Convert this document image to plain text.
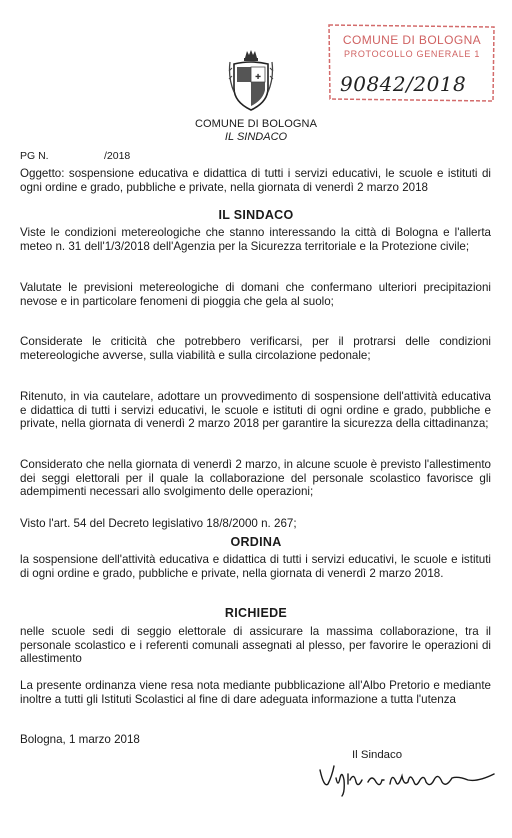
✚
COMUNE DI BOLOGNA
IL SINDACO
COMUNE DI BOLOGNA
PROTOCOLLO GENERALE 1
90842/2018
PG N.	/2018
Oggetto: sospensione educativa e didattica di tutti i servizi educativi, le scuole e istituti di ogni ordine e grado, pubbliche e private, nella giornata di venerdì 2 marzo 2018
IL SINDACO
Viste le condizioni metereologiche che stanno interessando la città di Bologna e l'allerta meteo n. 31 dell'1/3/2018 dell'Agenzia per la Sicurezza territoriale e la Protezione civile;
Valutate le previsioni metereologiche di domani che confermano ulteriori precipitazioni nevose e in particolare fenomeni di pioggia che gela al suolo;
Considerate le criticità che potrebbero verificarsi, per il protrarsi delle condizioni metereologiche avverse, sulla viabilità e sulla circolazione pedonale;
Ritenuto, in via cautelare, adottare un provvedimento di sospensione dell'attività educativa e didattica di tutti i servizi educativi, le scuole e istituti di ogni ordine e grado, pubbliche e private, nella giornata di venerdì 2 marzo 2018 per garantire la sicurezza della cittadinanza;
Considerato che nella giornata di venerdì 2 marzo, in alcune scuole è previsto l'allestimento dei seggi elettorali per il quale la collaborazione del personale scolastico favorisce gli adempimenti necessari allo svolgimento delle operazioni;
Visto l'art. 54 del Decreto legislativo 18/8/2000 n. 267;
ORDINA
la sospensione dell'attività educativa e didattica di tutti i servizi educativi, le scuole e istituti di ogni ordine e grado, pubbliche e private, nella giornata di venerdì 2 marzo 2018.
RICHIEDE
nelle scuole sedi di seggio elettorale di assicurare la massima collaborazione, tra il personale scolastico e i referenti comunali assegnati al plesso, per favorire le operazioni di allestimento
La presente ordinanza viene resa nota mediante pubblicazione all'Albo Pretorio e mediante inoltre a tutti gli Istituti Scolastici al fine di dare adeguata informazione a tutta l'utenza
Bologna, 1 marzo 2018
Il Sindaco
